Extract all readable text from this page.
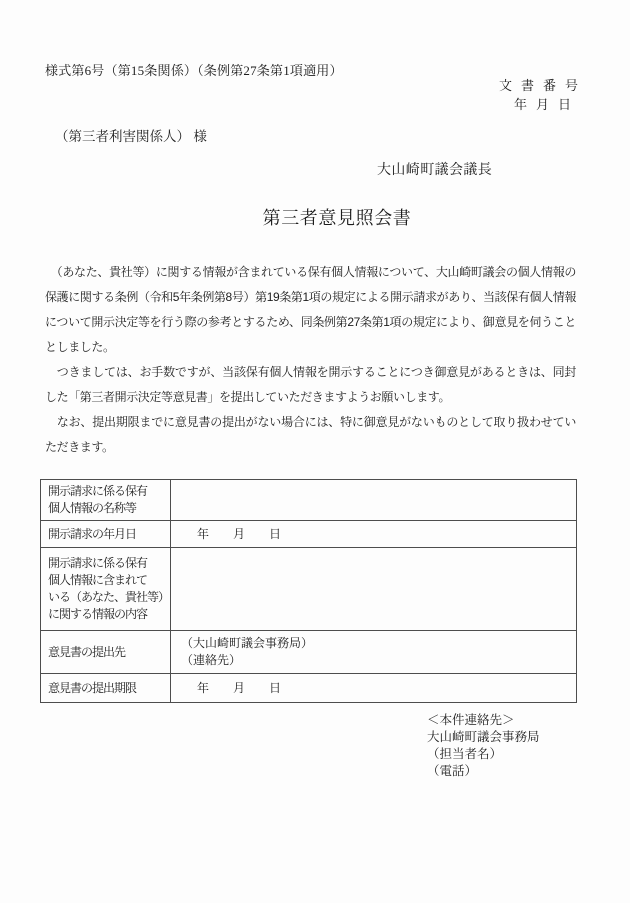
様式第6号（第15条関係）（条例第27条第1項適用）
文　書　番　号
年　月　日
（第三者利害関係人） 様
大山崎町議会議長
第三者意見照会書

　（あなた、貴社等）に関する情報が含まれている保有個人情報について、大山崎町議会の個人情報の保護に関する条例（令和5年条例第8号）第19条第1項の規定による開示請求があり、当該保有個人情報について開示決定等を行う際の参考とするため、同条例第27条第1項の規定により、御意見を伺うこととしました。

　つきましては、お手数ですが、当該保有個人情報を開示することにつき御意見があるときは、同封した「第三者開示決定等意見書」を提出していただきますようお願いします。

　なお、提出期限までに意見書の提出がない場合には、特に御意見がないものとして取り扱わせていただきます。

開示請求に係る保有
個人情報の名称等	

開示請求の年月日	年　　月　　日

開示請求に係る保有
個人情報に含まれて
いる（あなた、貴社等）
に関する情報の内容	

意見書の提出先	（大山崎町議会事務局）
（連絡先）

意見書の提出期限	年　　月　　日
＜本件連絡先＞
大山崎町議会事務局
（担当者名）
（電話）
